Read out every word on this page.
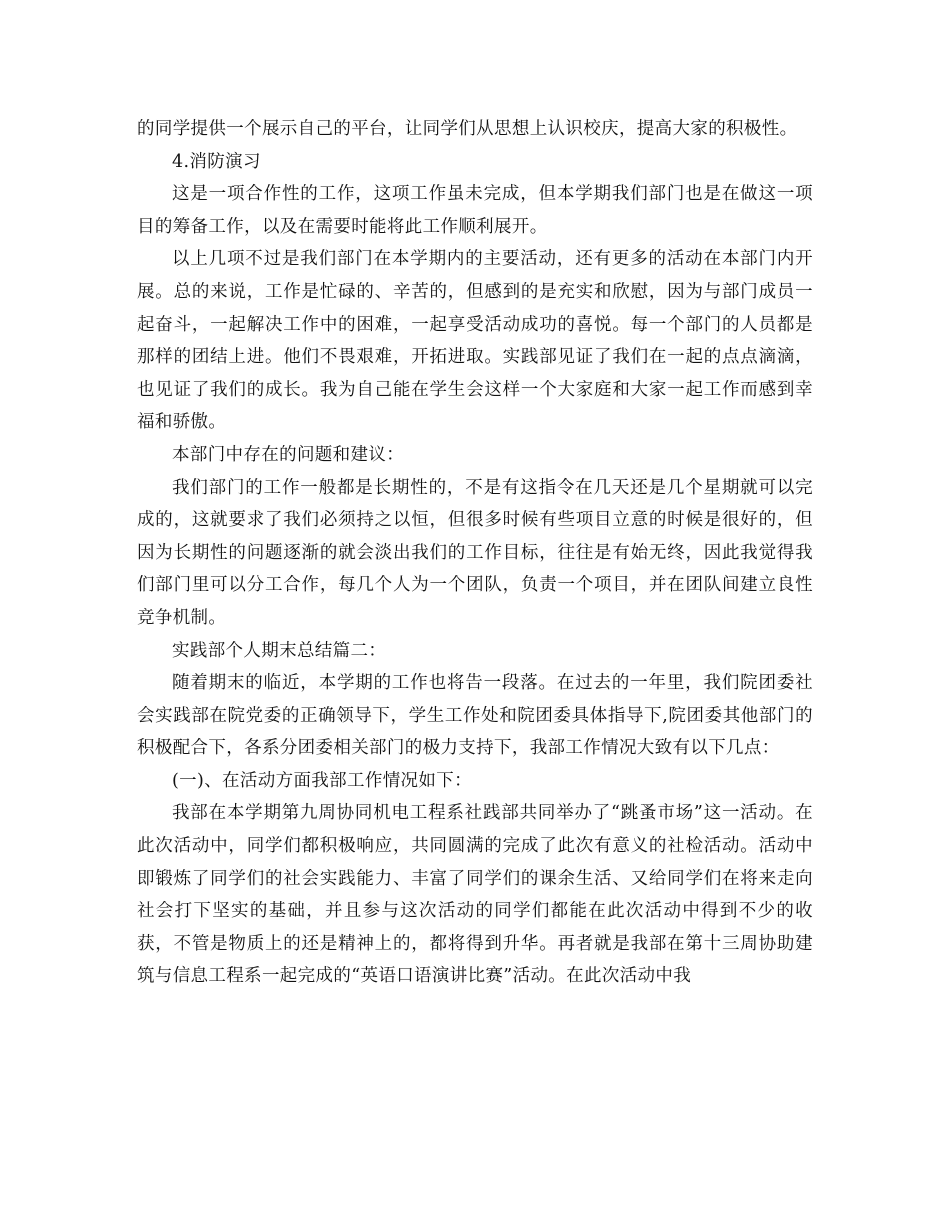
的同学提供一个展示自己的平台，让同学们从思想上认识校庆，提高大家的积极性。

4.消防演习

这是一项合作性的工作，这项工作虽未完成，但本学期我们部门也是在做这一项目的筹备工作，以及在需要时能将此工作顺利展开。

以上几项不过是我们部门在本学期内的主要活动，还有更多的活动在本部门内开展。总的来说，工作是忙碌的、辛苦的，但感到的是充实和欣慰，因为与部门成员一起奋斗，一起解决工作中的困难，一起享受活动成功的喜悦。每一个部门的人员都是那样的团结上进。他们不畏艰难，开拓进取。实践部见证了我们在一起的点点滴滴，也见证了我们的成长。我为自己能在学生会这样一个大家庭和大家一起工作而感到幸福和骄傲。

本部门中存在的问题和建议：

我们部门的工作一般都是长期性的，不是有这指令在几天还是几个星期就可以完成的，这就要求了我们必须持之以恒，但很多时候有些项目立意的时候是很好的，但因为长期性的问题逐渐的就会淡出我们的工作目标，往往是有始无终，因此我觉得我们部门里可以分工合作，每几个人为一个团队，负责一个项目，并在团队间建立良性竞争机制。

实践部个人期末总结篇二：

随着期末的临近，本学期的工作也将告一段落。在过去的一年里，我们院团委社会实践部在院党委的正确领导下，学生工作处和院团委具体指导下,院团委其他部门的积极配合下，各系分团委相关部门的极力支持下，我部工作情况大致有以下几点：

(一)、在活动方面我部工作情况如下：

我部在本学期第九周协同机电工程系社践部共同举办了“跳蚤市场”这一活动。在此次活动中，同学们都积极响应，共同圆满的完成了此次有意义的社检活动。活动中即锻炼了同学们的社会实践能力、丰富了同学们的课余生活、又给同学们在将来走向社会打下坚实的基础，并且参与这次活动的同学们都能在此次活动中得到不少的收获，不管是物质上的还是精神上的，都将得到升华。再者就是我部在第十三周协助建筑与信息工程系一起完成的“英语口语演讲比赛”活动。在此次活动中我
